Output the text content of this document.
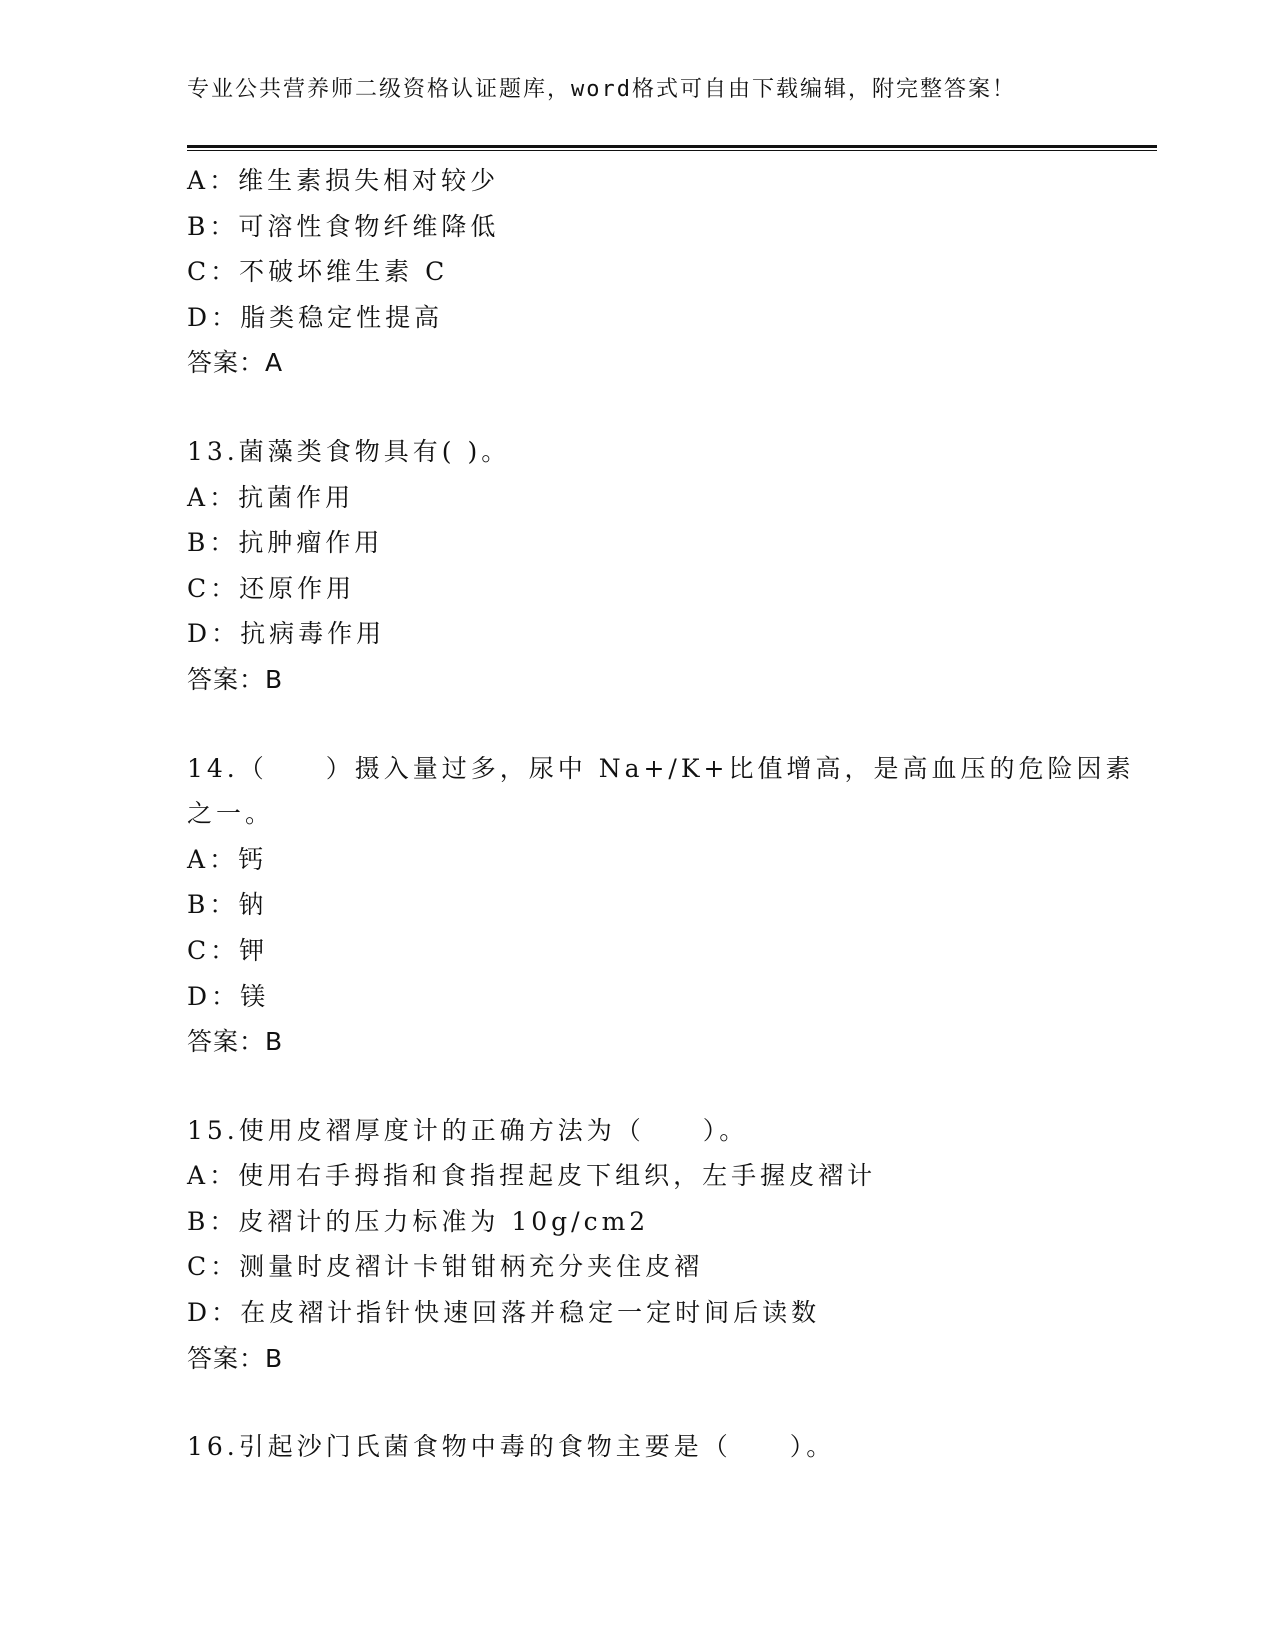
专业公共营养师二级资格认证题库，word格式可自由下载编辑，附完整答案！
A：维生素损失相对较少
B：可溶性食物纤维降低
C：不破坏维生素 C
D：脂类稳定性提高
答案：A
13.菌藻类食物具有( )。
A：抗菌作用
B：抗肿瘤作用
C：还原作用
D：抗病毒作用
答案：B
14.（　　）摄入量过多，尿中 Na+/K+比值增高，是高血压的危险因素
之一。
A：钙
B：钠
C：钾
D：镁
答案：B
15.使用皮褶厚度计的正确方法为（　　）。
A：使用右手拇指和食指捏起皮下组织，左手握皮褶计
B：皮褶计的压力标准为 10g/cm2
C：测量时皮褶计卡钳钳柄充分夹住皮褶
D：在皮褶计指针快速回落并稳定一定时间后读数
答案：B
16.引起沙门氏菌食物中毒的食物主要是（　　）。
